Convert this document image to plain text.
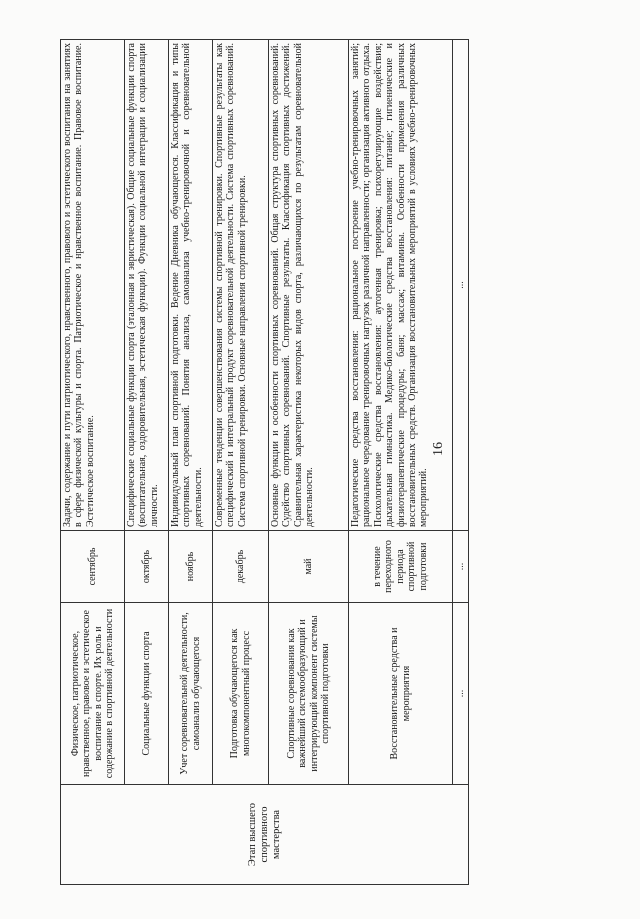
16
Этап высшего спортивного мастерства	Физическое, патриотическое, нравственное, правовое и эстетическое воспитание в спорте. Их роль и содержание в спортивной деятельности	сентябрь	Задачи, содержание и пути патриотического, нравственного, правового и эстетического воспитания на занятиях в сфере физической культуры и спорта. Патриотическое и нравственное воспитание. Правовое воспитание. Эстетическое воспитание.
	Социальные функции спорта	октябрь	Специфические социальные функции спорта (эталонная и эвристическая). Общие социальные функции спорта (воспитательная, оздоровительная, эстетическая функции). Функции социальной интеграции и социализации личности.
	Учет соревновательной деятельности, самоанализ обучающегося	ноябрь	Индивидуальный план спортивной подготовки. Ведение Дневника обучающегося. Классификация и типы спортивных соревнований. Понятия анализа, самоанализа учебно-тренировочной и соревновательной деятельности.
	Подготовка обучающегося как многокомпонентный процесс	декабрь	Современные тенденции совершенствования системы спортивной тренировки. Спортивные результаты как специфический и интегральный продукт соревновательной деятельности. Система спортивных соревнований. Система спортивной тренировки. Основные направления спортивной тренировки.
	Спортивные соревнования как важнейший системообразующий и интегрирующий компонент системы спортивной подготовки	май	Основные функции и особенности спортивных соревнований. Общая структура спортивных соревнований. Судейство спортивных соревнований. Спортивные результаты. Классификация спортивных достижений. Сравнительная характеристика некоторых видов спорта, различающихся по результатам соревновательной деятельности.
	Восстановительные средства и мероприятия	в течение переходного периода спортивной подготовки	Педагогические средства восстановления: рациональное построение учебно-тренировочных занятий; рациональное чередование тренировочных нагрузок различной направленности; организация активного отдыха. Психологические средства восстановления: аутогенная тренировка; психорегулирующие воздействия; дыхательная гимнастика. Медико-биологические средства восстановления: питание; гигиенические и физиотерапевтические процедуры; баня; массаж; витамины. Особенности применения различных восстановительных средств. Организация восстановительных мероприятий в условиях учебно-тренировочных мероприятий.
	...	...	...
